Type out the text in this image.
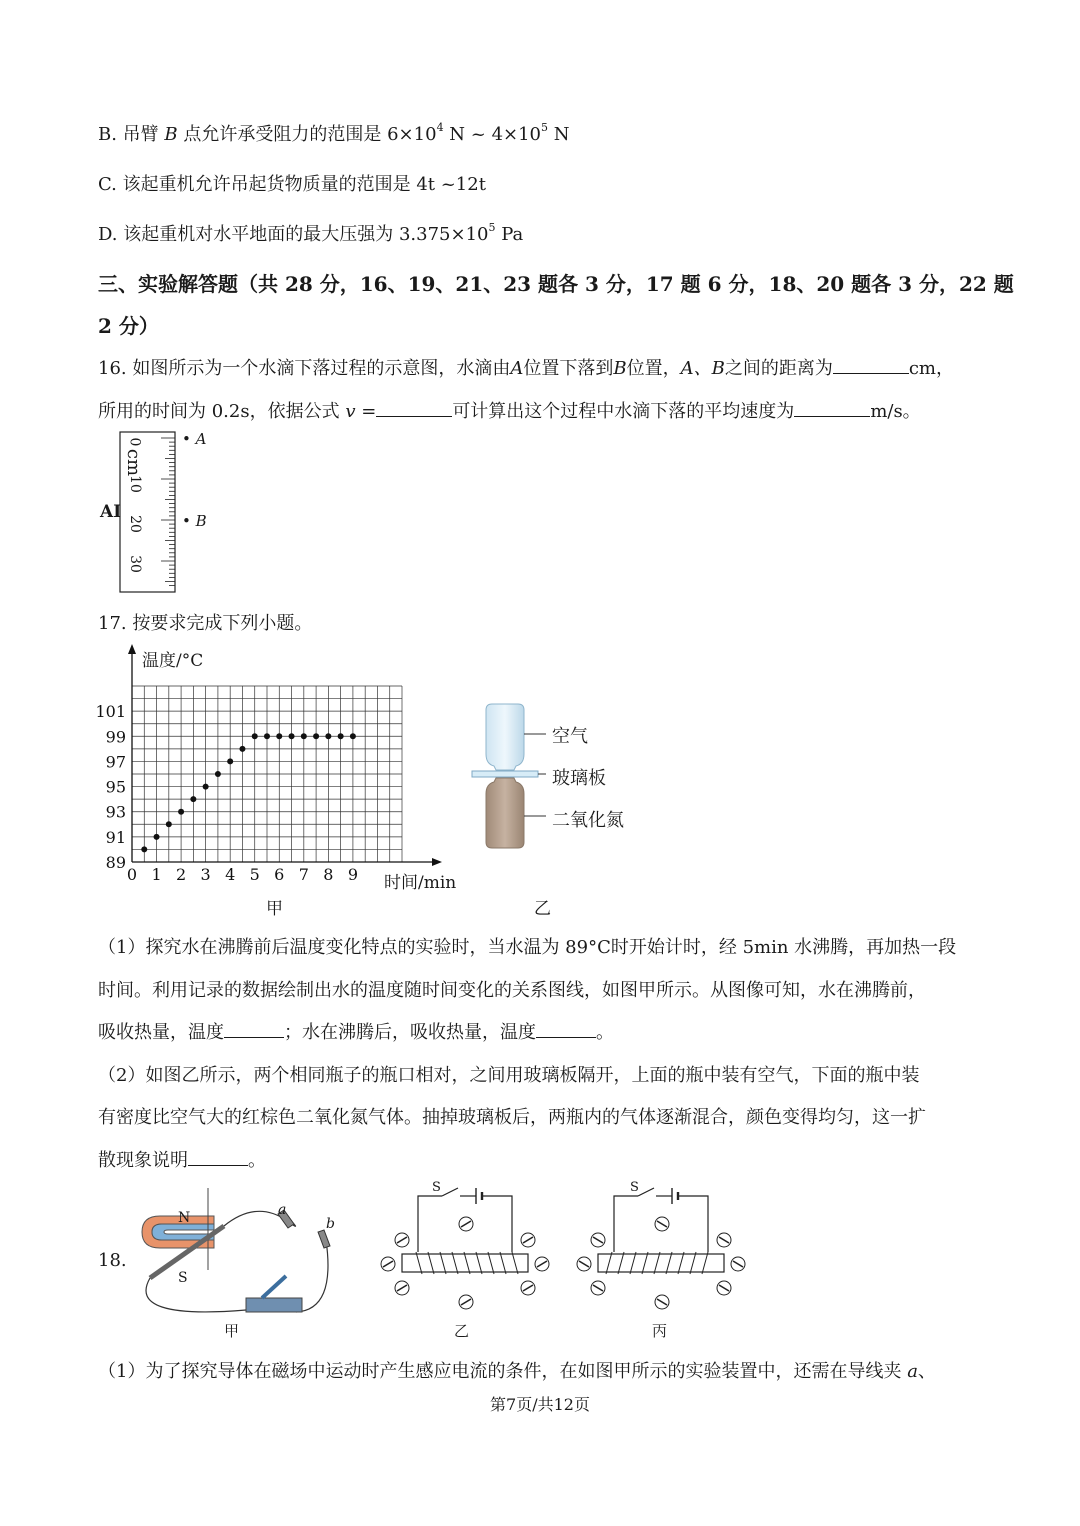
B. 吊臂 B 点允许承受阻力的范围是 $6\times 10^4$ N ~ $4\times 10^5$ N
C. 该起重机允许吊起货物质量的范围是 4t ~12t
D. 该起重机对水平地面的最大压强为 $3.375\times 10^5$ Pa
三、实验解答题（共 28 分，16、19、21、23 题各 3 分，17 题 6 分，18、20 题各 3 分，22 题
2 分）
16. 如图所示为一个水滴下落过程的示意图，水滴由A位置下落到B位置，A、B之间的距离为	cm，
所用的时间为 0.2s，依据公式 v =	可计算出这个过程中水滴下落的平均速度为	m/s。
AI
cm
0
10
20
30
• A
• B
17. 按要求完成下列小题。
0 1 2 3 4 5 6 7 8 9
89
91
93
95
97
99
101
温度/°C
时间/min
甲
空气
玻璃板
二氧化氮
乙
（1）探究水在沸腾前后温度变化特点的实验时，当水温为 89°C时开始计时，经 5min 水沸腾，再加热一段
时间。利用记录的数据绘制出水的温度随时间变化的关系图线，如图甲所示。从图像可知，水在沸腾前，
吸收热量，温度	；水在沸腾后，吸收热量，温度	。
（2）如图乙所示，两个相同瓶子的瓶口相对，之间用玻璃板隔开，上面的瓶中装有空气，下面的瓶中装
有密度比空气大的红棕色二氧化氮气体。抽掉玻璃板后，两瓶内的气体逐渐混合，颜色变得均匀，这一扩
散现象说明	。
18.
N
S
a
b
甲	乙
S
丙
S
（1）为了探究导体在磁场中运动时产生感应电流的条件，在如图甲所示的实验装置中，还需在导线夹 a、
第7页/共12页
